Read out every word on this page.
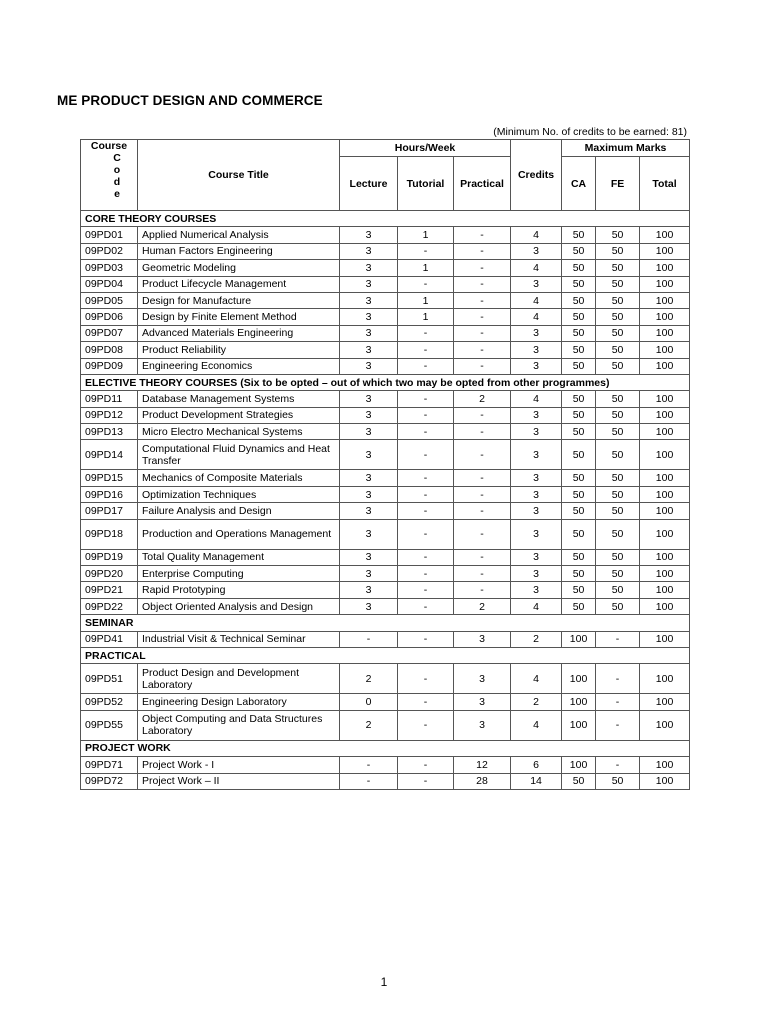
ME PRODUCT DESIGN AND COMMERCE
(Minimum No. of credits to be earned: 81)
Course
C
o
d
e	Course Title	Hours/Week			Credits	Maximum Marks		
		Lecture	Tutorial	Practical		CA	FE	Total
CORE THEORY COURSES								
09PD01	Applied Numerical Analysis	3	1	-	4	50	50	100
09PD02	Human Factors Engineering	3	-	-	3	50	50	100
09PD03	Geometric Modeling	3	1	-	4	50	50	100
09PD04	Product Lifecycle Management	3	-	-	3	50	50	100
09PD05	Design for Manufacture	3	1	-	4	50	50	100
09PD06	Design by Finite Element Method	3	1	-	4	50	50	100
09PD07	Advanced Materials Engineering	3	-	-	3	50	50	100
09PD08	Product Reliability	3	-	-	3	50	50	100
09PD09	Engineering Economics	3	-	-	3	50	50	100
ELECTIVE THEORY COURSES (Six to be opted – out of which two may be opted from other programmes)								
09PD11	Database Management Systems	3	-	2	4	50	50	100
09PD12	Product Development Strategies	3	-	-	3	50	50	100
09PD13	Micro Electro Mechanical Systems	3	-	-	3	50	50	100
09PD14	Computational Fluid Dynamics and Heat Transfer	3	-	-	3	50	50	100
09PD15	Mechanics of Composite Materials	3	-	-	3	50	50	100
09PD16	Optimization Techniques	3	-	-	3	50	50	100
09PD17	Failure Analysis and Design	3	-	-	3	50	50	100
09PD18	Production and Operations Management	3	-	-	3	50	50	100
09PD19	Total Quality Management	3	-	-	3	50	50	100
09PD20	Enterprise Computing	3	-	-	3	50	50	100
09PD21	Rapid Prototyping	3	-	-	3	50	50	100
09PD22	Object Oriented Analysis and Design	3	-	2	4	50	50	100
SEMINAR								
09PD41	Industrial Visit & Technical Seminar	-	-	3	2	100	-	100
PRACTICAL								
09PD51	Product Design and Development Laboratory	2	-	3	4	100	-	100
09PD52	Engineering Design Laboratory	0	-	3	2	100	-	100
09PD55	Object Computing and Data Structures Laboratory	2	-	3	4	100	-	100
PROJECT WORK								
09PD71	Project Work - I	-	-	12	6	100	-	100
09PD72	Project Work – II	-	-	28	14	50	50	100
1
